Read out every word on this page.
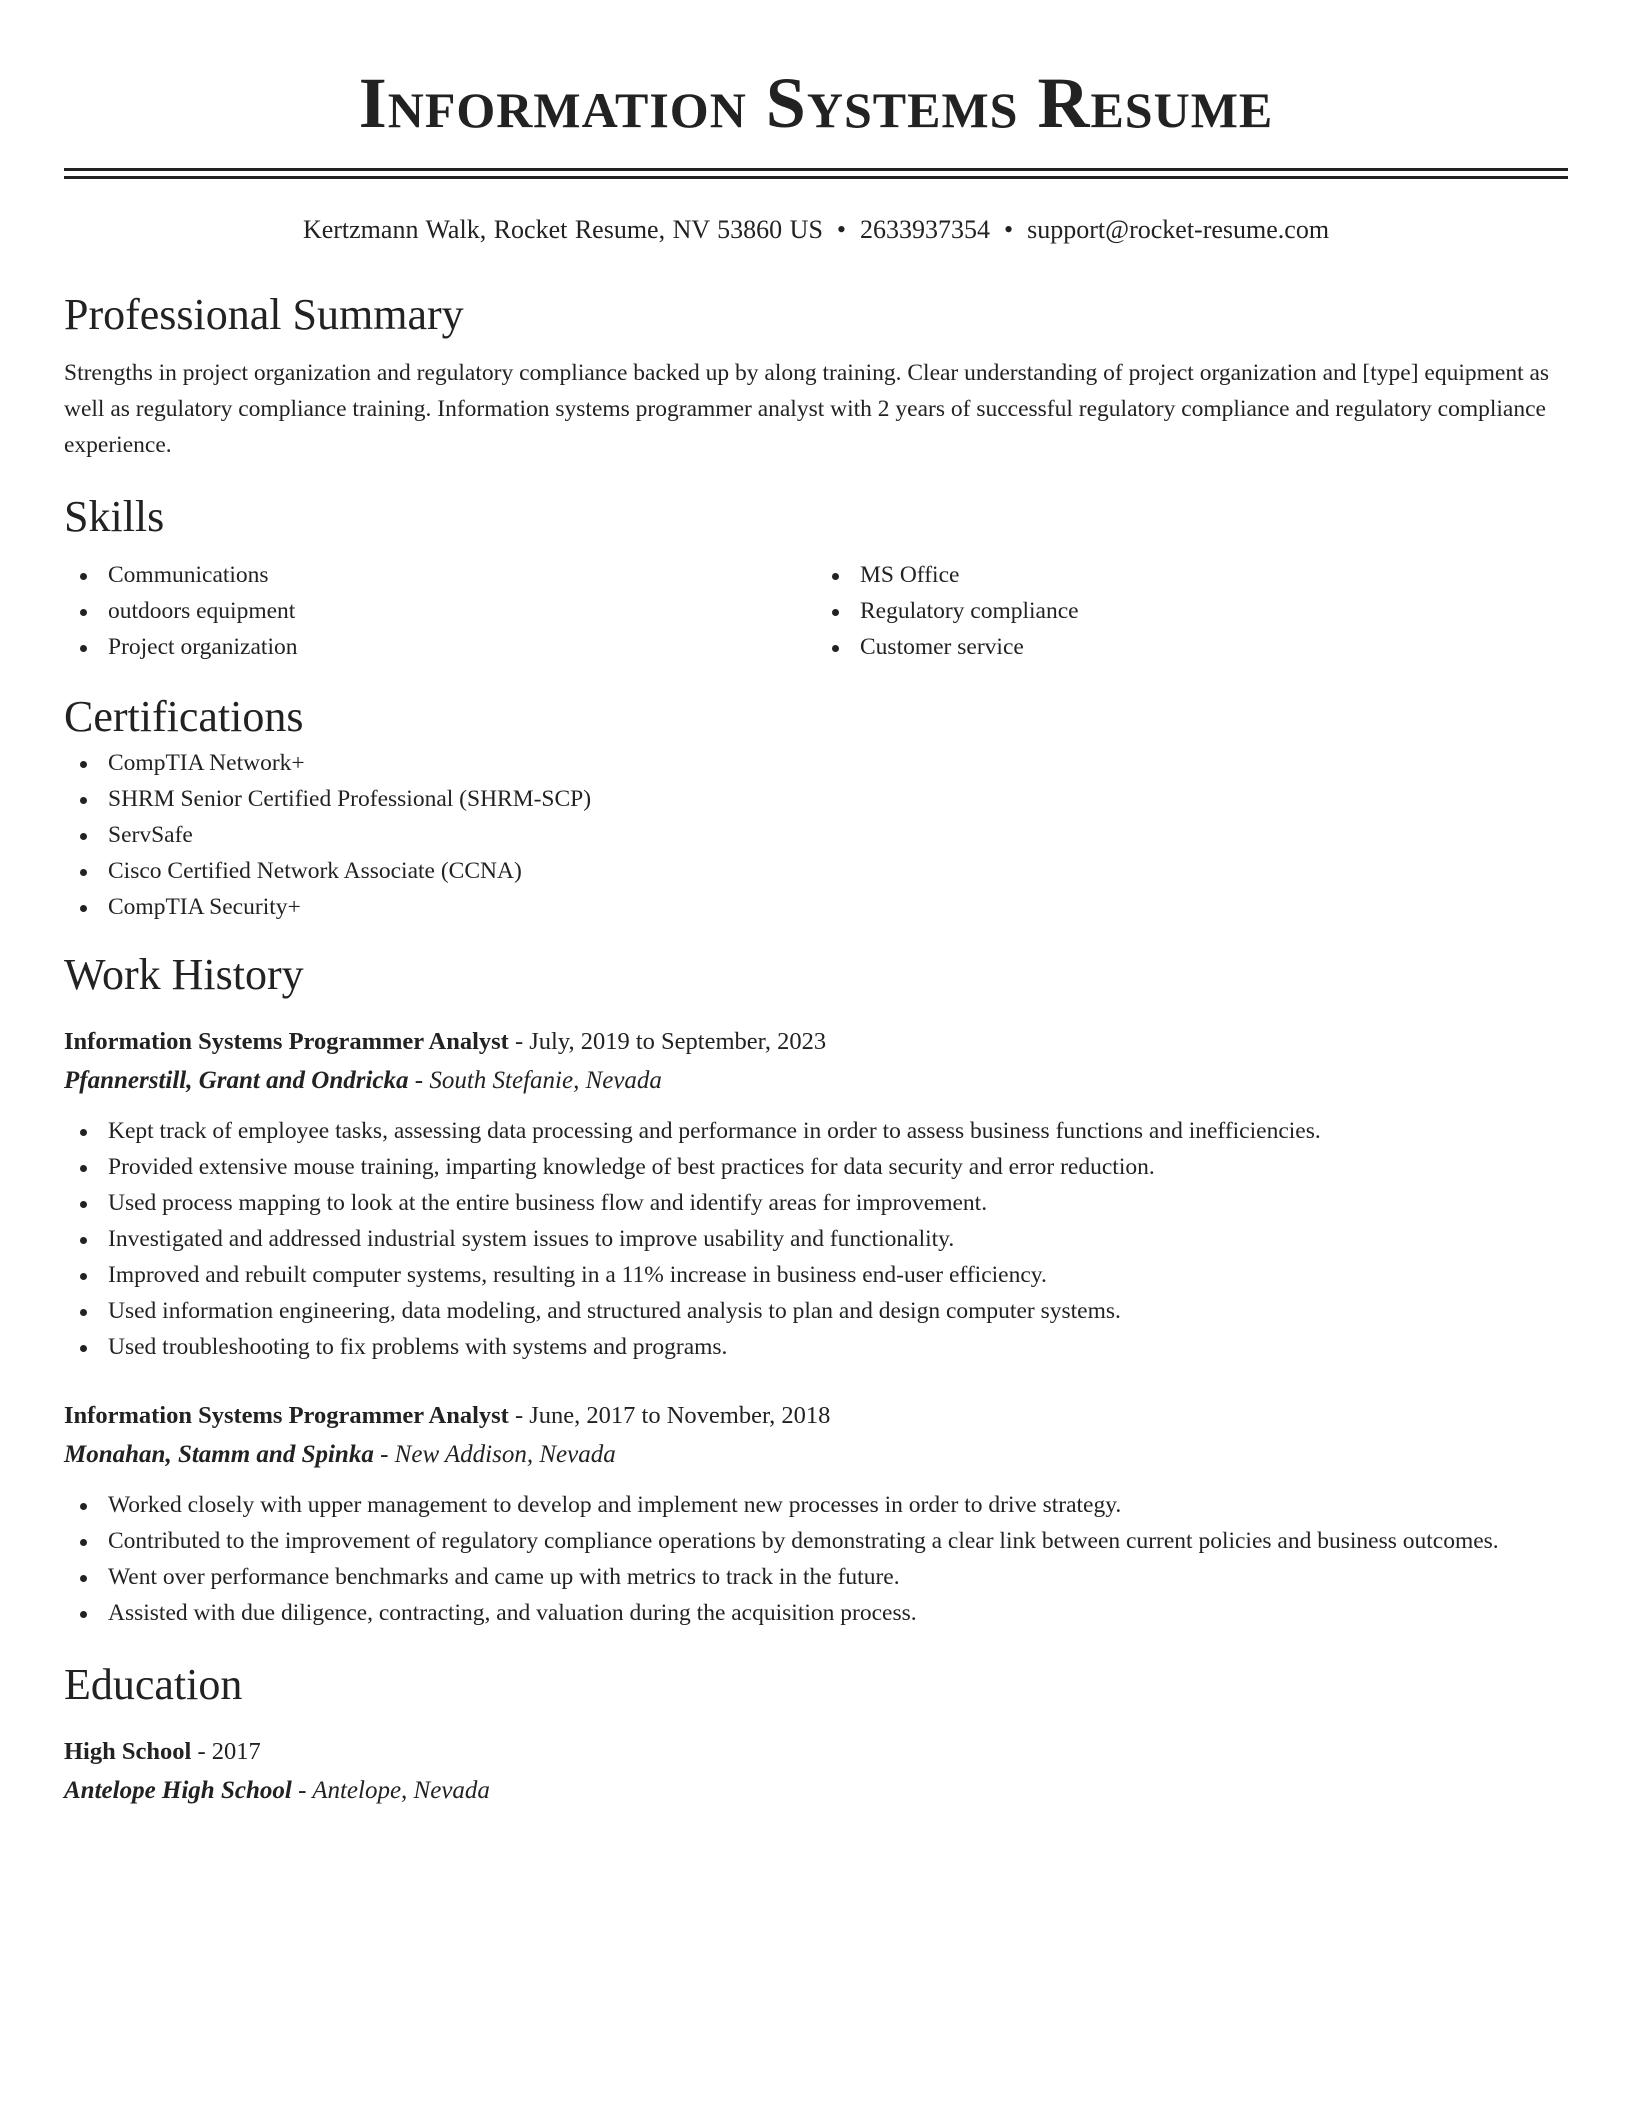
Information Systems Resume
Kertzmann Walk, Rocket Resume, NV 53860 US • 2633937354 • support@rocket-resume.com
Professional Summary

Strengths in project organization and regulatory compliance backed up by along training. Clear understanding of project organization and [type] equipment as well as regulatory compliance training. Information systems programmer analyst with 2 years of successful regulatory compliance and regulatory compliance experience.

Skills
Communications
outdoors equipment
Project organization
MS Office
Regulatory compliance
Customer service
Certifications
CompTIA Network+
SHRM Senior Certified Professional (SHRM-SCP)
ServSafe
Cisco Certified Network Associate (CCNA)
CompTIA Security+
Work History
Information Systems Programmer Analyst - July, 2019 to September, 2023
Pfannerstill, Grant and Ondricka - South Stefanie, Nevada
Kept track of employee tasks, assessing data processing and performance in order to assess business functions and inefficiencies.
Provided extensive mouse training, imparting knowledge of best practices for data security and error reduction.
Used process mapping to look at the entire business flow and identify areas for improvement.
Investigated and addressed industrial system issues to improve usability and functionality.
Improved and rebuilt computer systems, resulting in a 11% increase in business end-user efficiency.
Used information engineering, data modeling, and structured analysis to plan and design computer systems.
Used troubleshooting to fix problems with systems and programs.
Information Systems Programmer Analyst - June, 2017 to November, 2018
Monahan, Stamm and Spinka - New Addison, Nevada
Worked closely with upper management to develop and implement new processes in order to drive strategy.
Contributed to the improvement of regulatory compliance operations by demonstrating a clear link between current policies and business outcomes.
Went over performance benchmarks and came up with metrics to track in the future.
Assisted with due diligence, contracting, and valuation during the acquisition process.
Education
High School - 2017
Antelope High School - Antelope, Nevada
